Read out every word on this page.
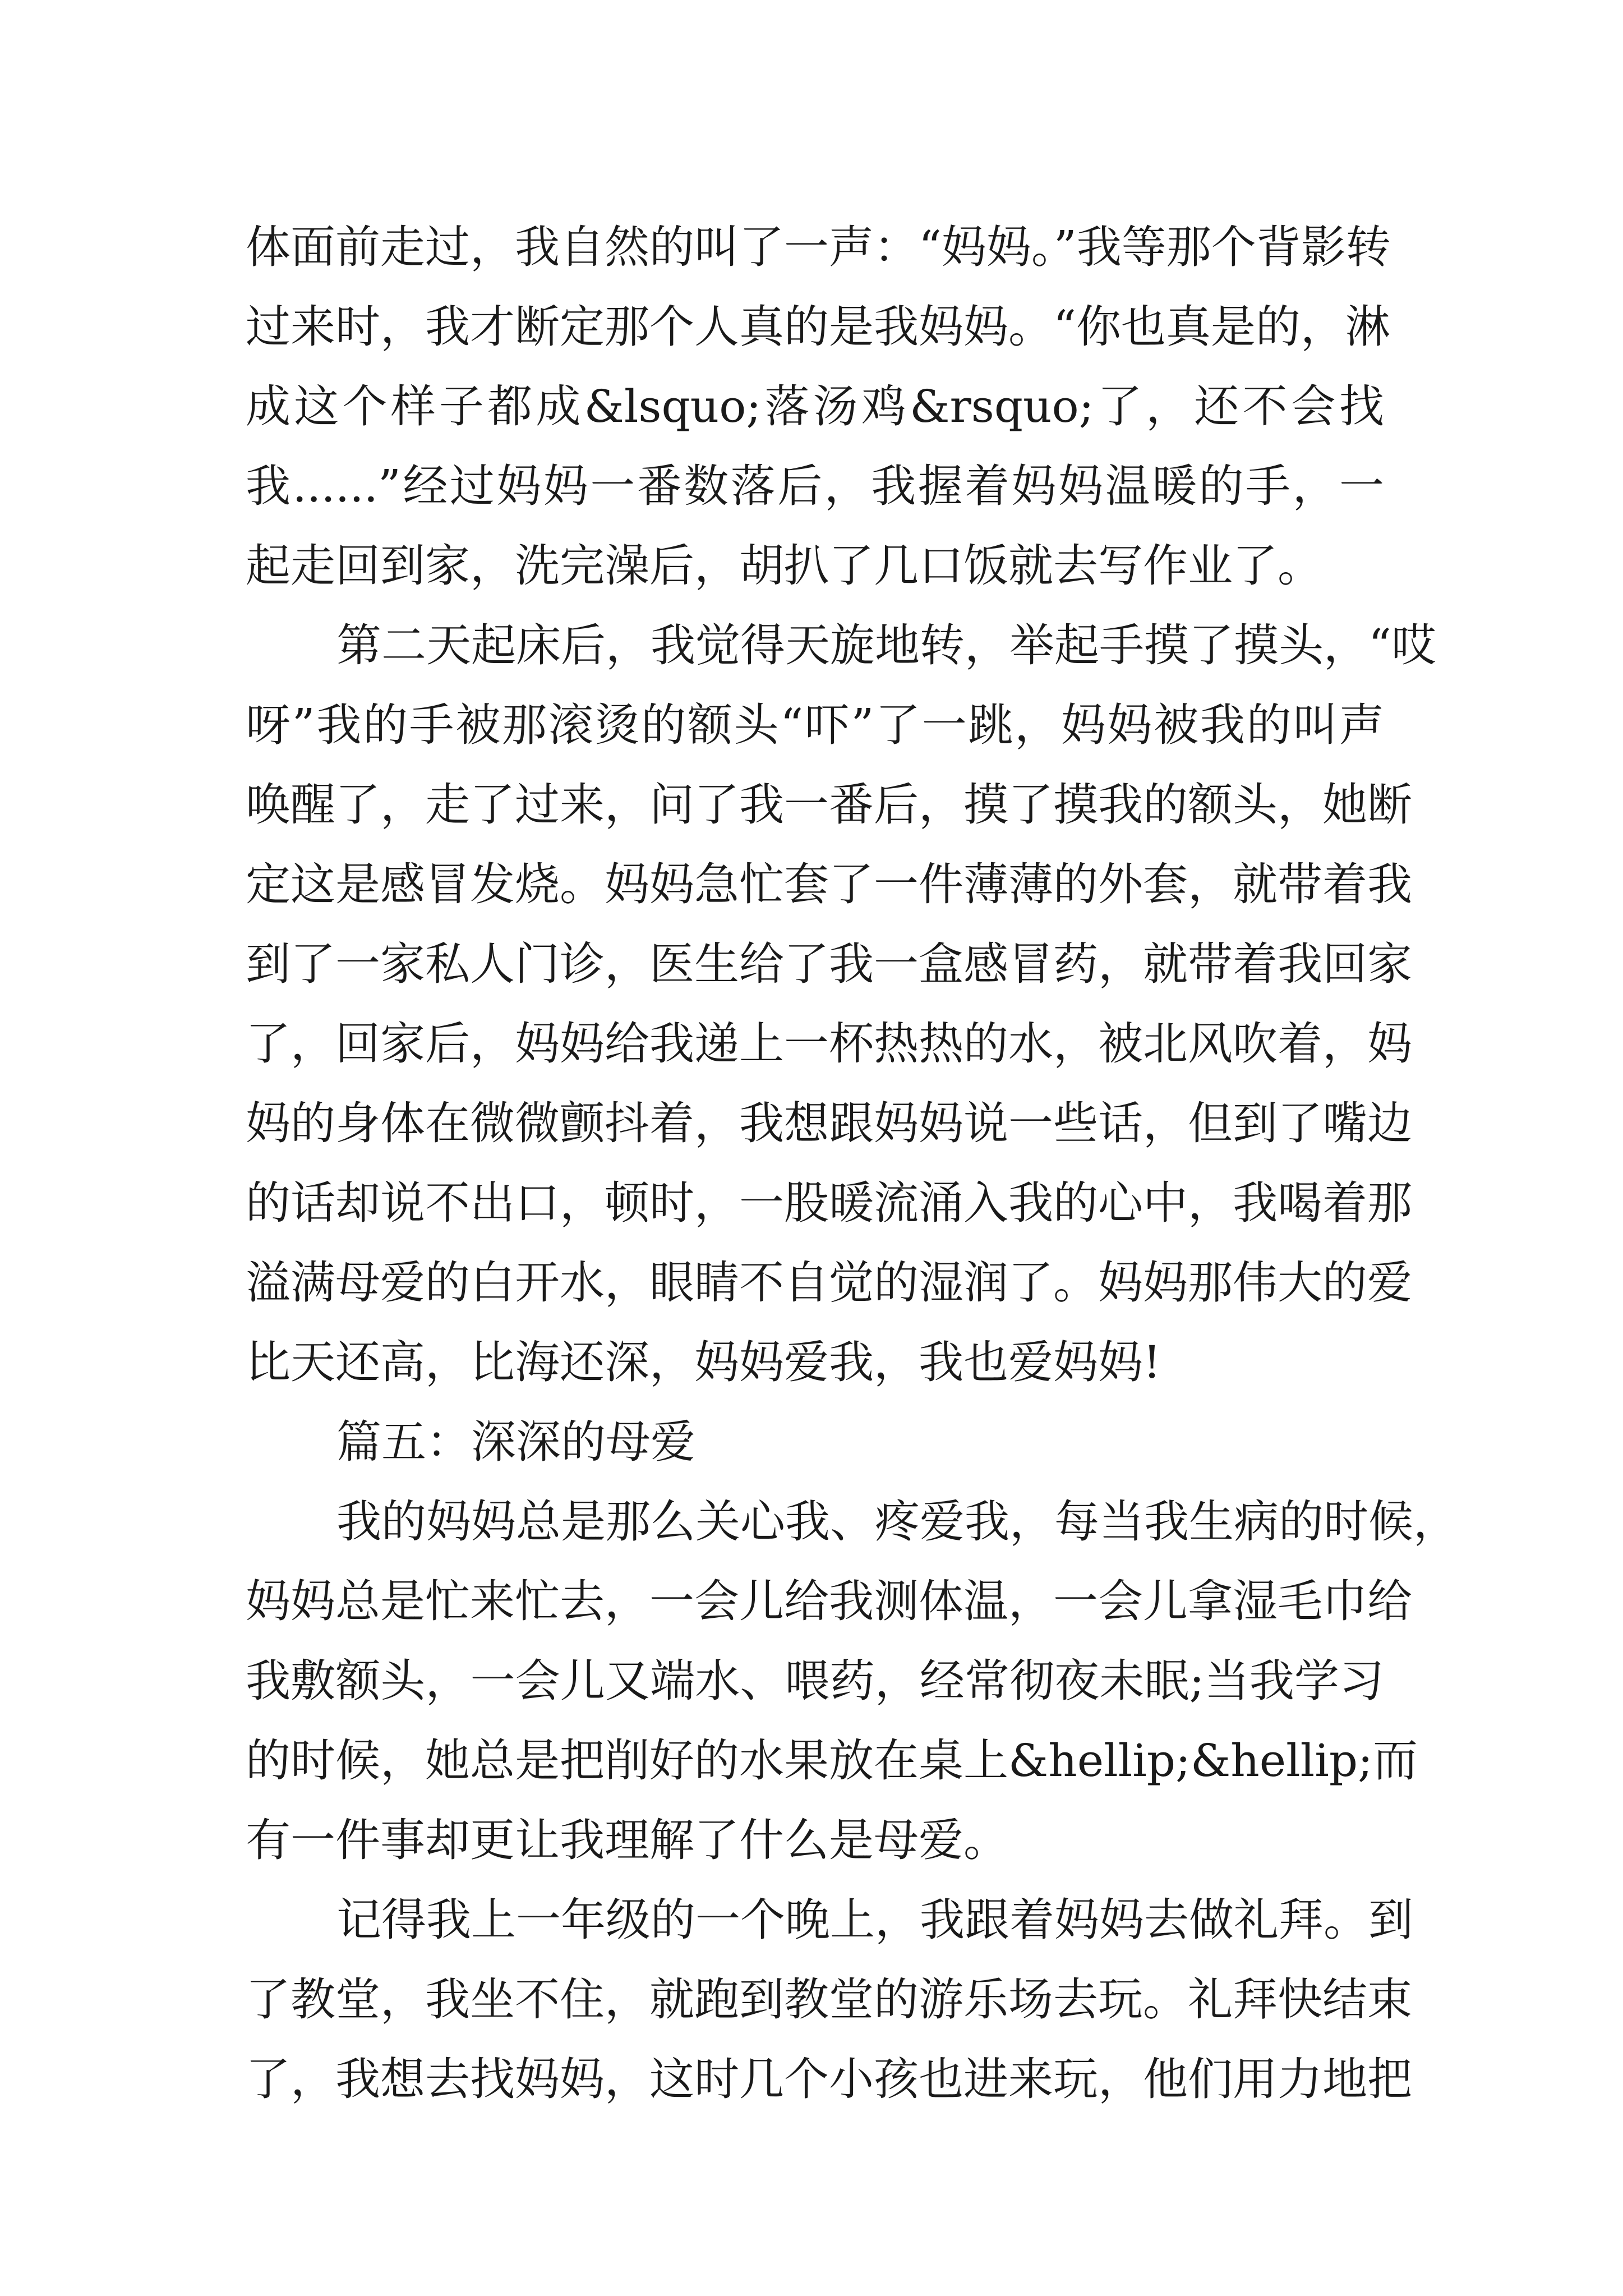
体面前走过，我自然的叫了一声：“妈妈。”我等那个背影转
过来时，我才断定那个人真的是我妈妈。“你也真是的，淋
成这个样子都成&lsquo;落汤鸡&rsquo;了，还不会找
我......”经过妈妈一番数落后，我握着妈妈温暖的手，一
起走回到家，洗完澡后，胡扒了几口饭就去写作业了。
第二天起床后，我觉得天旋地转，举起手摸了摸头，“哎
呀”我的手被那滚烫的额头“吓”了一跳，妈妈被我的叫声
唤醒了，走了过来，问了我一番后，摸了摸我的额头，她断
定这是感冒发烧。妈妈急忙套了一件薄薄的外套，就带着我
到了一家私人门诊，医生给了我一盒感冒药，就带着我回家
了，回家后，妈妈给我递上一杯热热的水，被北风吹着，妈
妈的身体在微微颤抖着，我想跟妈妈说一些话，但到了嘴边
的话却说不出口，顿时，一股暖流涌入我的心中，我喝着那
溢满母爱的白开水，眼睛不自觉的湿润了。妈妈那伟大的爱
比天还高，比海还深，妈妈爱我，我也爱妈妈!
篇五：深深的母爱
我的妈妈总是那么关心我、疼爱我，每当我生病的时候，
妈妈总是忙来忙去，一会儿给我测体温，一会儿拿湿毛巾给
我敷额头，一会儿又端水、喂药，经常彻夜未眠;当我学习
的时候，她总是把削好的水果放在桌上&hellip;&hellip;而
有一件事却更让我理解了什么是母爱。
记得我上一年级的一个晚上，我跟着妈妈去做礼拜。到
了教堂，我坐不住，就跑到教堂的游乐场去玩。礼拜快结束
了，我想去找妈妈，这时几个小孩也进来玩，他们用力地把
